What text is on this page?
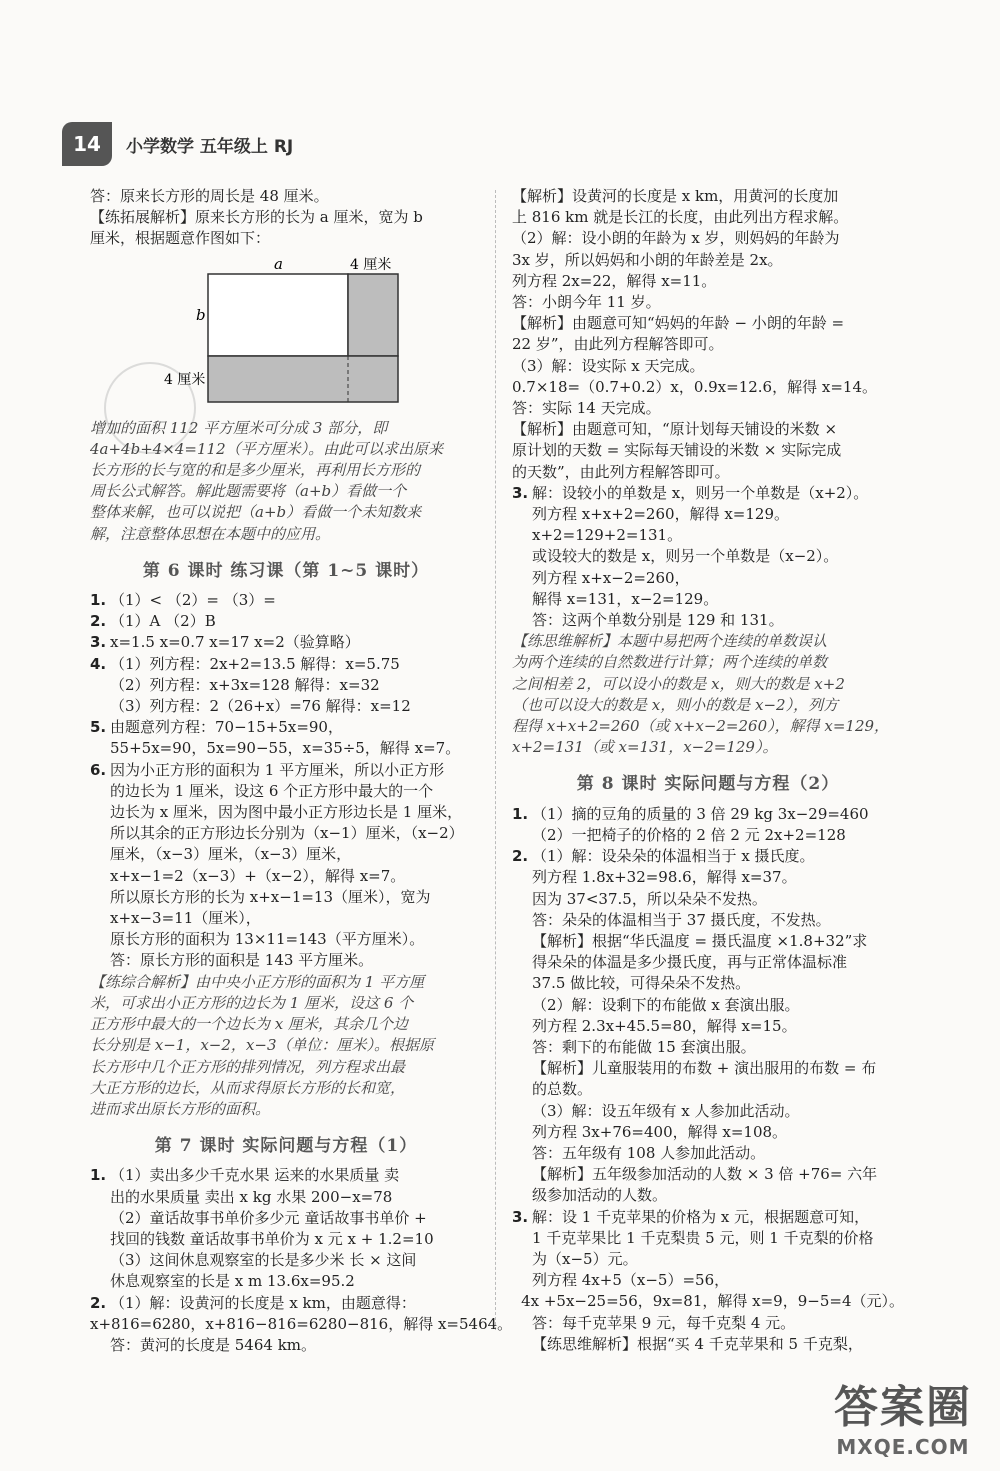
14	小学数学 五年级上 RJ
答：原来长方形的周长是 48 厘米。
【练拓展解析】原来长方形的长为 a 厘米，宽为 b
厘米，根据题意作图如下：
a	4 厘米
b
4 厘米
增加的面积 112 平方厘米可分成 3 部分，即
4a+4b+4×4=112（平方厘米）。由此可以求出原来
长方形的长与宽的和是多少厘米，再利用长方形的
周长公式解答。解此题需要将（a+b）看做一个
整体来解，也可以说把（a+b）看做一个未知数来
解，注意整体思想在本题中的应用。
第 6 课时 练习课（第 1~5 课时）
1. （1）< （2）= （3）=
2. （1）A （2）B
3. x=1.5 x=0.7 x=17 x=2（验算略）
4. （1）列方程：2x+2=13.5 解得：x=5.75
（2）列方程：x+3x=128 解得：x=32
（3）列方程：2（26+x）=76 解得：x=12
5. 由题意列方程：70−15+5x=90，
55+5x=90，5x=90−55，x=35÷5，解得 x=7。
6. 因为小正方形的面积为 1 平方厘米，所以小正方形
的边长为 1 厘米，设这 6 个正方形中最大的一个
边长为 x 厘米，因为图中最小正方形边长是 1 厘米，
所以其余的正方形边长分别为（x−1）厘米，（x−2）
厘米，（x−3）厘米，（x−3）厘米，
x+x−1=2（x−3）+（x−2），解得 x=7。
所以原长方形的长为 x+x−1=13（厘米），宽为
x+x−3=11（厘米），
原长方形的面积为 13×11=143（平方厘米）。
答：原长方形的面积是 143 平方厘米。
【练综合解析】由中央小正方形的面积为 1 平方厘
米，可求出小正方形的边长为 1 厘米，设这 6 个
正方形中最大的一个边长为 x 厘米，其余几个边
长分别是 x−1，x−2，x−3（单位：厘米）。根据原
长方形中几个正方形的排列情况，列方程求出最
大正方形的边长，从而求得原长方形的长和宽，
进而求出原长方形的面积。
第 7 课时 实际问题与方程（1）
1. （1）卖出多少千克水果 运来的水果质量 卖
出的水果质量 卖出 x kg 水果 200−x=78
（2）童话故事书单价多少元 童话故事书单价 +
找回的钱数 童话故事书单价为 x 元 x + 1.2=10
（3）这间休息观察室的长是多少米 长 × 这间
休息观察室的长是 x m 13.6x=95.2
2. （1）解：设黄河的长度是 x km，由题意得：
x+816=6280，x+816−816=6280−816，解得 x=5464。
答：黄河的长度是 5464 km。
【解析】设黄河的长度是 x km，用黄河的长度加
上 816 km 就是长江的长度，由此列出方程求解。
（2）解：设小朗的年龄为 x 岁，则妈妈的年龄为
3x 岁，所以妈妈和小朗的年龄差是 2x。
列方程 2x=22，解得 x=11。
答：小朗今年 11 岁。
【解析】由题意可知“妈妈的年龄 − 小朗的年龄 =
22 岁”，由此列方程解答即可。
（3）解：设实际 x 天完成。
0.7×18=（0.7+0.2）x，0.9x=12.6，解得 x=14。
答：实际 14 天完成。
【解析】由题意可知，“原计划每天铺设的米数 ×
原计划的天数 = 实际每天铺设的米数 × 实际完成
的天数”，由此列方程解答即可。
3. 解：设较小的单数是 x，则另一个单数是（x+2）。
列方程 x+x+2=260，解得 x=129。
x+2=129+2=131。
或设较大的数是 x，则另一个单数是（x−2）。
列方程 x+x−2=260，
解得 x=131，x−2=129。
答：这两个单数分别是 129 和 131。
【练思维解析】本题中易把两个连续的单数误认
为两个连续的自然数进行计算；两个连续的单数
之间相差 2，可以设小的数是 x，则大的数是 x+2
（也可以设大的数是 x，则小的数是 x−2），列方
程得 x+x+2=260（或 x+x−2=260），解得 x=129，
x+2=131（或 x=131，x−2=129）。
第 8 课时 实际问题与方程（2）
1. （1）摘的豆角的质量的 3 倍 29 kg 3x−29=460
（2）一把椅子的价格的 2 倍 2 元 2x+2=128
2. （1）解：设朵朵的体温相当于 x 摄氏度。
列方程 1.8x+32=98.6，解得 x=37。
因为 37<37.5，所以朵朵不发热。
答：朵朵的体温相当于 37 摄氏度，不发热。
【解析】根据“华氏温度 = 摄氏温度 ×1.8+32”求
得朵朵的体温是多少摄氏度，再与正常体温标准
37.5 做比较，可得朵朵不发热。
（2）解：设剩下的布能做 x 套演出服。
列方程 2.3x+45.5=80，解得 x=15。
答：剩下的布能做 15 套演出服。
【解析】儿童服装用的布数 + 演出服用的布数 = 布
的总数。
（3）解：设五年级有 x 人参加此活动。
列方程 3x+76=400，解得 x=108。
答：五年级有 108 人参加此活动。
【解析】五年级参加活动的人数 × 3 倍 +76= 六年
级参加活动的人数。
3. 解：设 1 千克苹果的价格为 x 元，根据题意可知，
1 千克苹果比 1 千克梨贵 5 元，则 1 千克梨的价格
为（x−5）元。
列方程 4x+5（x−5）=56，
4x +5x−25=56，9x=81，解得 x=9，9−5=4（元）。
答：每千克苹果 9 元，每千克梨 4 元。
【练思维解析】根据“买 4 千克苹果和 5 千克梨，
答案圈
MXQE.COM
